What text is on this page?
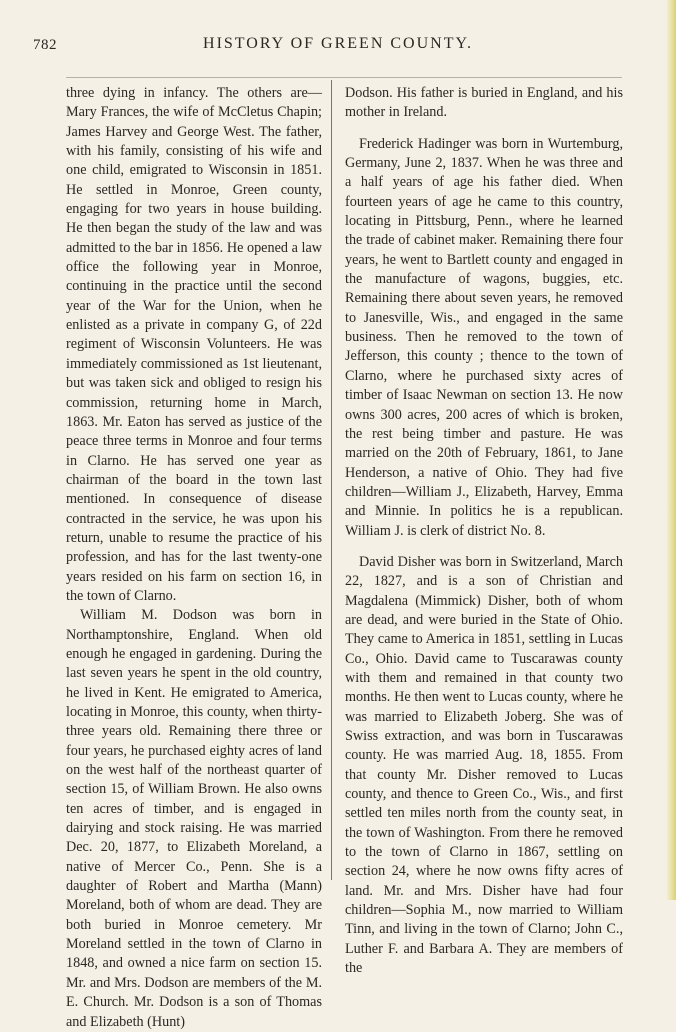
782	HISTORY OF GREEN COUNTY.

three dying in infancy. The others are—Mary Frances, the wife of McCletus Chapin; James Harvey and George West. The father, with his family, consisting of his wife and one child, emigrated to Wisconsin in 1851. He settled in Monroe, Green county, engaging for two years in house building. He then began the study of the law and was admitted to the bar in 1856. He opened a law office the following year in Monroe, continuing in the practice until the second year of the War for the Union, when he enlisted as a private in company G, of 22d regiment of Wisconsin Volunteers. He was immediately commissioned as 1st lieutenant, but was taken sick and obliged to resign his commission, returning home in March, 1863. Mr. Eaton has served as justice of the peace three terms in Monroe and four terms in Clarno. He has served one year as chairman of the board in the town last mentioned. In consequence of disease contracted in the service, he was upon his return, unable to resume the practice of his profession, and has for the last twenty-one years resided on his farm on section 16, in the town of Clarno.

William M. Dodson was born in Northamptonshire, England. When old enough he engaged in gardening. During the last seven years he spent in the old country, he lived in Kent. He emigrated to America, locating in Monroe, this county, when thirty-three years old. Remaining there three or four years, he purchased eighty acres of land on the west half of the northeast quarter of section 15, of William Brown. He also owns ten acres of timber, and is engaged in dairying and stock raising. He was married Dec. 20, 1877, to Elizabeth Moreland, a native of Mercer Co., Penn. She is a daughter of Robert and Martha (Mann) Moreland, both of whom are dead. They are both buried in Monroe cemetery. Mr Moreland settled in the town of Clarno in 1848, and owned a nice farm on section 15. Mr. and Mrs. Dodson are members of the M. E. Church. Mr. Dodson is a son of Thomas and Elizabeth (Hunt)

Dodson. His father is buried in England, and his mother in Ireland.

Frederick Hadinger was born in Wurtemburg, Germany, June 2, 1837. When he was three and a half years of age his father died. When fourteen years of age he came to this country, locating in Pittsburg, Penn., where he learned the trade of cabinet maker. Remaining there four years, he went to Bartlett county and engaged in the manufacture of wagons, buggies, etc. Remaining there about seven years, he removed to Janesville, Wis., and engaged in the same business. Then he removed to the town of Jefferson, this county ; thence to the town of Clarno, where he purchased sixty acres of timber of Isaac Newman on section 13. He now owns 300 acres, 200 acres of which is broken, the rest being timber and pasture. He was married on the 20th of February, 1861, to Jane Henderson, a native of Ohio. They had five children—William J., Elizabeth, Harvey, Emma and Minnie. In politics he is a republican. William J. is clerk of district No. 8.

David Disher was born in Switzerland, March 22, 1827, and is a son of Christian and Magdalena (Mimmick) Disher, both of whom are dead, and were buried in the State of Ohio. They came to America in 1851, settling in Lucas Co., Ohio. David came to Tuscarawas county with them and remained in that county two months. He then went to Lucas county, where he was married to Elizabeth Joberg. She was of Swiss extraction, and was born in Tuscarawas county. He was married Aug. 18, 1855. From that county Mr. Disher removed to Lucas county, and thence to Green Co., Wis., and first settled ten miles north from the county seat, in the town of Washington. From there he removed to the town of Clarno in 1867, settling on section 24, where he now owns fifty acres of land. Mr. and Mrs. Disher have had four children—Sophia M., now married to William Tinn, and living in the town of Clarno; John C., Luther F. and Barbara A. They are members of the
